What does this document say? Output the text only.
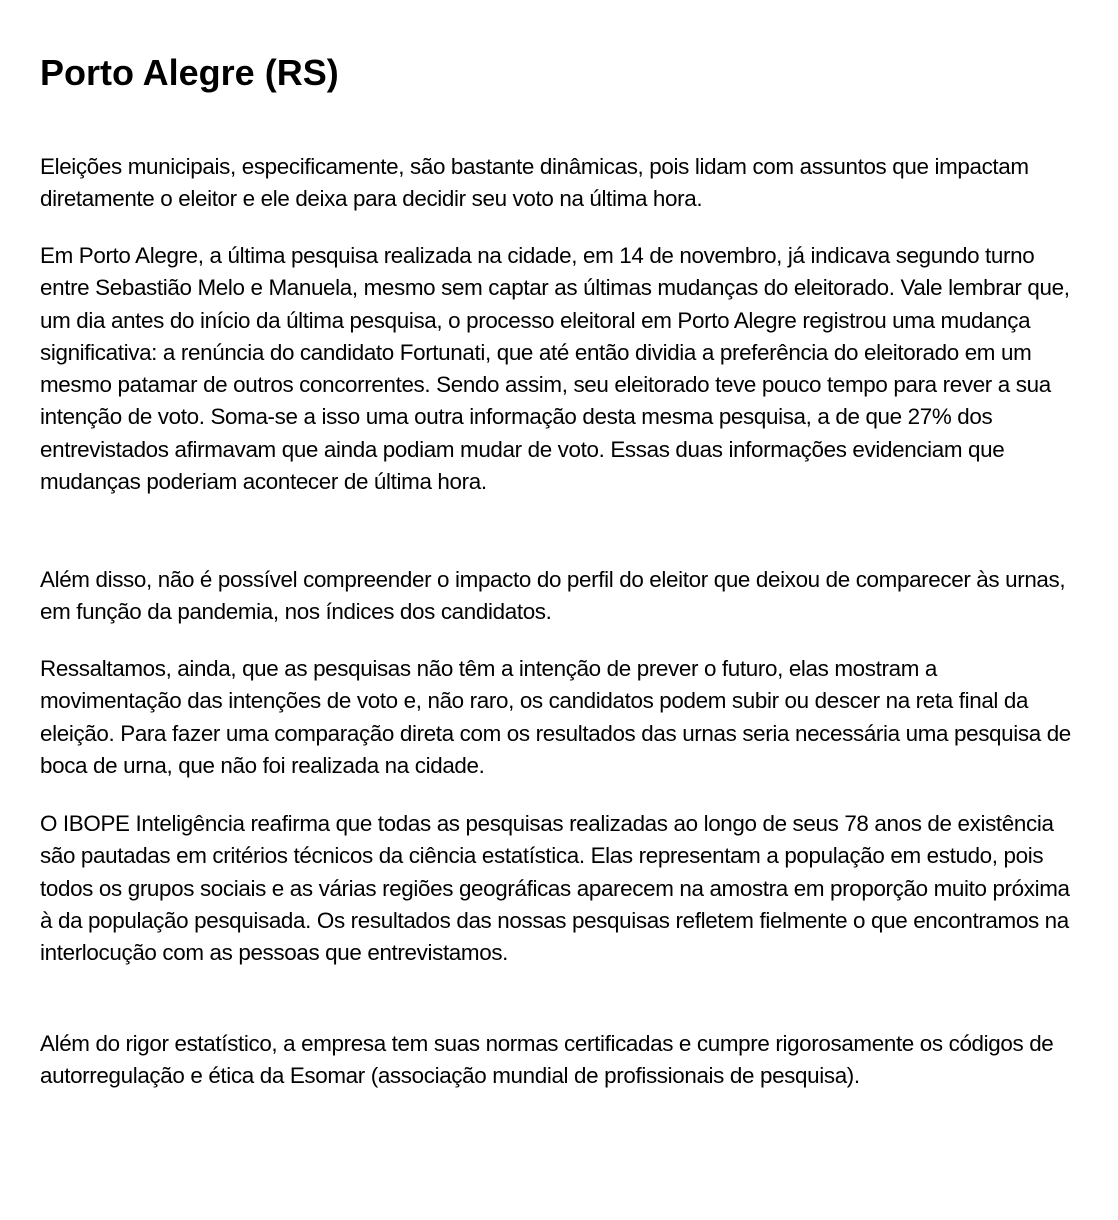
Porto Alegre (RS)

Eleições municipais, especificamente, são bastante dinâmicas, pois lidam com assuntos que impactam diretamente o eleitor e ele deixa para decidir seu voto na última hora.

Em Porto Alegre, a última pesquisa realizada na cidade, em 14 de novembro, já indicava segundo turno entre Sebastião Melo e Manuela, mesmo sem captar as últimas mudanças do eleitorado. Vale lembrar que, um dia antes do início da última pesquisa, o processo eleitoral em Porto Alegre registrou uma mudança significativa: a renúncia do candidato Fortunati, que até então dividia a preferência do eleitorado em um mesmo patamar de outros concorrentes. Sendo assim, seu eleitorado teve pouco tempo para rever a sua intenção de voto. Soma-se a isso uma outra informação desta mesma pesquisa, a de que 27% dos entrevistados afirmavam que ainda podiam mudar de voto. Essas duas informações evidenciam que mudanças poderiam acontecer de última hora.

Além disso, não é possível compreender o impacto do perfil do eleitor que deixou de comparecer às urnas, em função da pandemia, nos índices dos candidatos.

Ressaltamos, ainda, que as pesquisas não têm a intenção de prever o futuro, elas mostram a movimentação das intenções de voto e, não raro, os candidatos podem subir ou descer na reta final da eleição. Para fazer uma comparação direta com os resultados das urnas seria necessária uma pesquisa de boca de urna, que não foi realizada na cidade.

O IBOPE Inteligência reafirma que todas as pesquisas realizadas ao longo de seus 78 anos de existência são pautadas em critérios técnicos da ciência estatística. Elas representam a população em estudo, pois todos os grupos sociais e as várias regiões geográficas aparecem na amostra em proporção muito próxima à da população pesquisada. Os resultados das nossas pesquisas refletem fielmente o que encontramos na interlocução com as pessoas que entrevistamos.

Além do rigor estatístico, a empresa tem suas normas certificadas e cumpre rigorosamente os códigos de autorregulação e ética da Esomar (associação mundial de profissionais de pesquisa).
